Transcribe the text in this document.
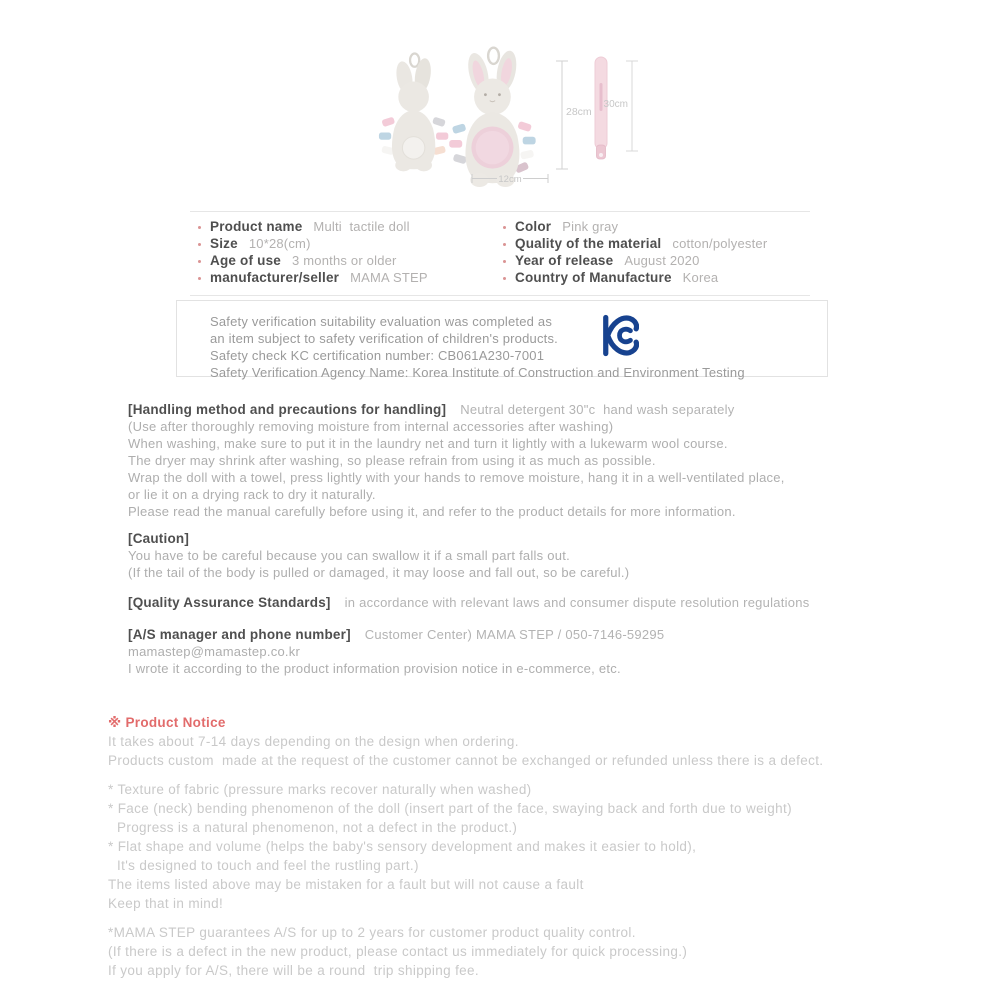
28cm
30cm
12cm
Product name Multi  tactile doll
Size 10*28(cm)
Age of use 3 months or older
manufacturer/seller MAMA STEP
Color Pink gray
Quality of the material cotton/polyester
Year of release August 2020
Country of Manufacture Korea
Safety verification suitability evaluation was completed as
an item subject to safety verification of children's products.
Safety check KC certification number: CB061A230-7001
Safety Verification Agency Name: Korea Institute of Construction and Environment Testing
[Handling method and precautions for handling] Neutral detergent 30"c  hand wash separately
(Use after thoroughly removing moisture from internal accessories after washing)
When washing, make sure to put it in the laundry net and turn it lightly with a lukewarm wool course.
The dryer may shrink after washing, so please refrain from using it as much as possible.
Wrap the doll with a towel, press lightly with your hands to remove moisture, hang it in a well-ventilated place,
or lie it on a drying rack to dry it naturally.
Please read the manual carefully before using it, and refer to the product details for more information.
[Caution]
You have to be careful because you can swallow it if a small part falls out.
(If the tail of the body is pulled or damaged, it may loose and fall out, so be careful.)
[Quality Assurance Standards] in accordance with relevant laws and consumer dispute resolution regulations
[A/S manager and phone number] Customer Center) MAMA STEP / 050-7146-59295
mamastep@mamastep.co.kr
I wrote it according to the product information provision notice in e-commerce, etc.
※ Product Notice
It takes about 7-14 days depending on the design when ordering.
Products custom  made at the request of the customer cannot be exchanged or refunded unless there is a defect.
* Texture of fabric (pressure marks recover naturally when washed)
* Face (neck) bending phenomenon of the doll (insert part of the face, swaying back and forth due to weight)
Progress is a natural phenomenon, not a defect in the product.)
* Flat shape and volume (helps the baby's sensory development and makes it easier to hold),
It's designed to touch and feel the rustling part.)
The items listed above may be mistaken for a fault but will not cause a fault
Keep that in mind!
*MAMA STEP guarantees A/S for up to 2 years for customer product quality control.
(If there is a defect in the new product, please contact us immediately for quick processing.)
If you apply for A/S, there will be a round  trip shipping fee.
